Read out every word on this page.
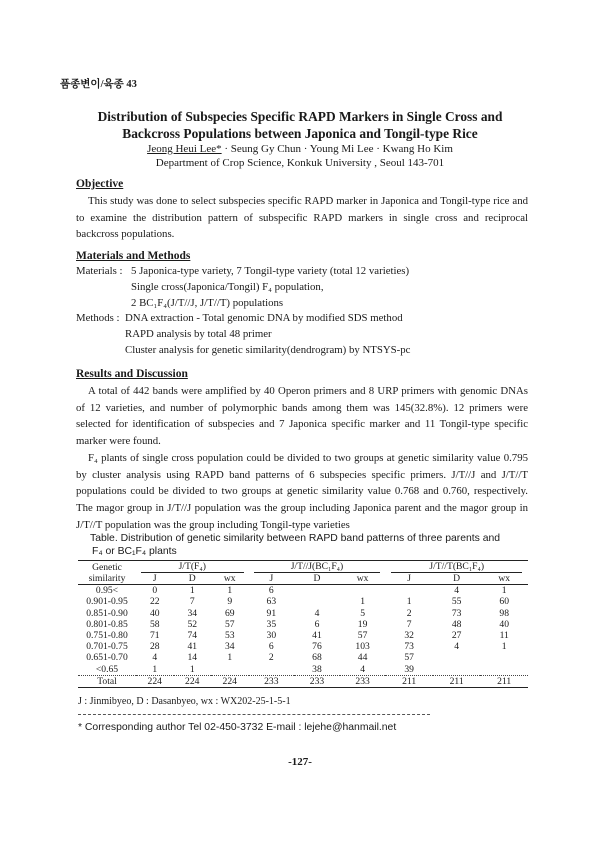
품종변이/육종 43
Distribution of Subspecies Specific RAPD Markers in Single Cross and
Backcross Populations between Japonica and Tongil-type Rice
Jeong Heui Lee* · Seung Gy Chun · Young Mi Lee · Kwang Ho Kim
Department of Crop Science, Konkuk University , Seoul 143-701
Objective

This study was done to select subspecies specific RAPD marker in Japonica and Tongil-type rice and to examine the distribution pattern of subspecific RAPD markers in single cross and reciprocal backcross populations.

Materials and Methods
Materials : 5 Japonica-type variety, 7 Tongil-type variety (total 12 varieties)
Single cross(Japonica/Tongil) F₄ population,
2 BC₁F₄(J/T//J, J/T//T) populations
Methods : DNA extraction - Total genomic DNA by modified SDS method
RAPD analysis by total 48 primer
Cluster analysis for genetic similarity(dendrogram) by NTSYS-pc
Results and Discussion

A total of 442 bands were amplified by 40 Operon primers and 8 URP primers with genomic DNAs of 12 varieties, and number of polymorphic bands among them was 145(32.8%). 12 primers were selected for identification of subspecies and 7 Japonica specific marker and 11 Tongil-type specific marker were found.

F₄ plants of single cross population could be divided to two groups at genetic similarity value 0.795 by cluster analysis using RAPD band patterns of 6 subspecies specific primers. J/T//J and J/T//T populations could be divided to two groups at genetic similarity value 0.768 and 0.760, respectively. The magor group in J/T//J population was the group including Japonica parent and the magor group in J/T//T population was the group including Tongil-type varieties

Table. Distribution of genetic similarity between RAPD band patterns of three parents and
F₄ or BC₁F₄ plants
Genetic	J/T(F₄)			J/T//J(BC₁F₄)			J/T//T(BC₁F₄)		
similarity	J	D	wx	J	D	wx	J	D	wx
0.95<	0	1	1	6				4	1
0.901-0.95	22	7	9	63		1	1	55	60
0.851-0.90	40	34	69	91	4	5	2	73	98
0.801-0.85	58	52	57	35	6	19	7	48	40
0.751-0.80	71	74	53	30	41	57	32	27	11
0.701-0.75	28	41	34	6	76	103	73	4	1
0.651-0.70	4	14	1	2	68	44	57		
<0.65	1	1			38	4	39		
Total	224	224	224	233	233	233	211	211	211
J : Jinmibyeo, D : Dasanbyeo, wx : WX202-25-1-5-1
* Corresponding author Tel 02-450-3732 E-mail : lejehe@hanmail.net
-127-
